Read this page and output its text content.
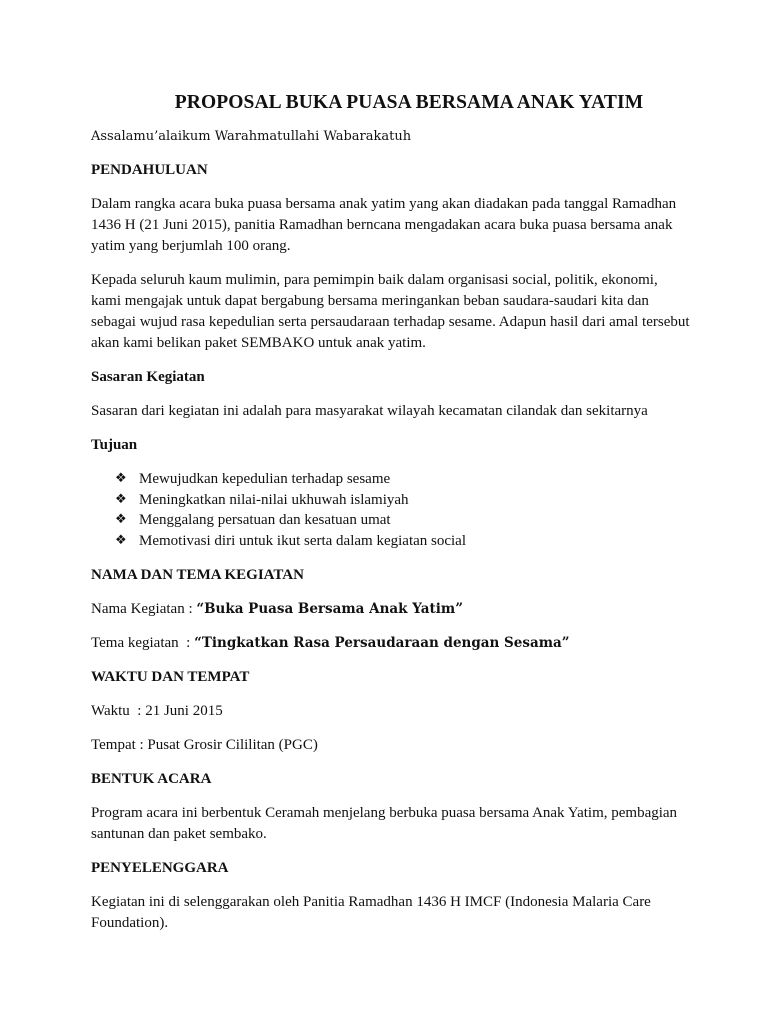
PROPOSAL BUKA PUASA BERSAMA ANAK YATIM
Assalamu’alaikum Warahmatullahi Wabarakatuh
PENDAHULUAN

Dalam rangka acara buka puasa bersama anak yatim yang akan diadakan pada tanggal Ramadhan 1436 H (21 Juni 2015), panitia Ramadhan berncana mengadakan acara buka puasa bersama anak yatim yang berjumlah 100 orang.

Kepada seluruh kaum mulimin, para pemimpin baik dalam organisasi social, politik, ekonomi, kami mengajak untuk dapat bergabung bersama meringankan beban saudara-saudari kita dan sebagai wujud rasa kepedulian serta persaudaraan terhadap sesame. Adapun hasil dari amal tersebut akan kami belikan paket SEMBAKO untuk anak yatim.

Sasaran Kegiatan

Sasaran dari kegiatan ini adalah para masyarakat wilayah kecamatan cilandak dan sekitarnya

Tujuan
❖ Mewujudkan kepedulian terhadap sesame
❖ Meningkatkan nilai-nilai ukhuwah islamiyah
❖ Menggalang persatuan dan kesatuan umat
❖ Memotivasi diri untuk ikut serta dalam kegiatan social
NAMA DAN TEMA KEGIATAN

Nama Kegiatan : “Buka Puasa Bersama Anak Yatim”

Tema kegiatan  : “Tingkatkan Rasa Persaudaraan dengan Sesama”

WAKTU DAN TEMPAT

Waktu  : 21 Juni 2015

Tempat : Pusat Grosir Cililitan (PGC)

BENTUK ACARA

Program acara ini berbentuk Ceramah menjelang berbuka puasa bersama Anak Yatim, pembagian santunan dan paket sembako.

PENYELENGGARA

Kegiatan ini di selenggarakan oleh Panitia Ramadhan 1436 H IMCF (Indonesia Malaria Care Foundation).
